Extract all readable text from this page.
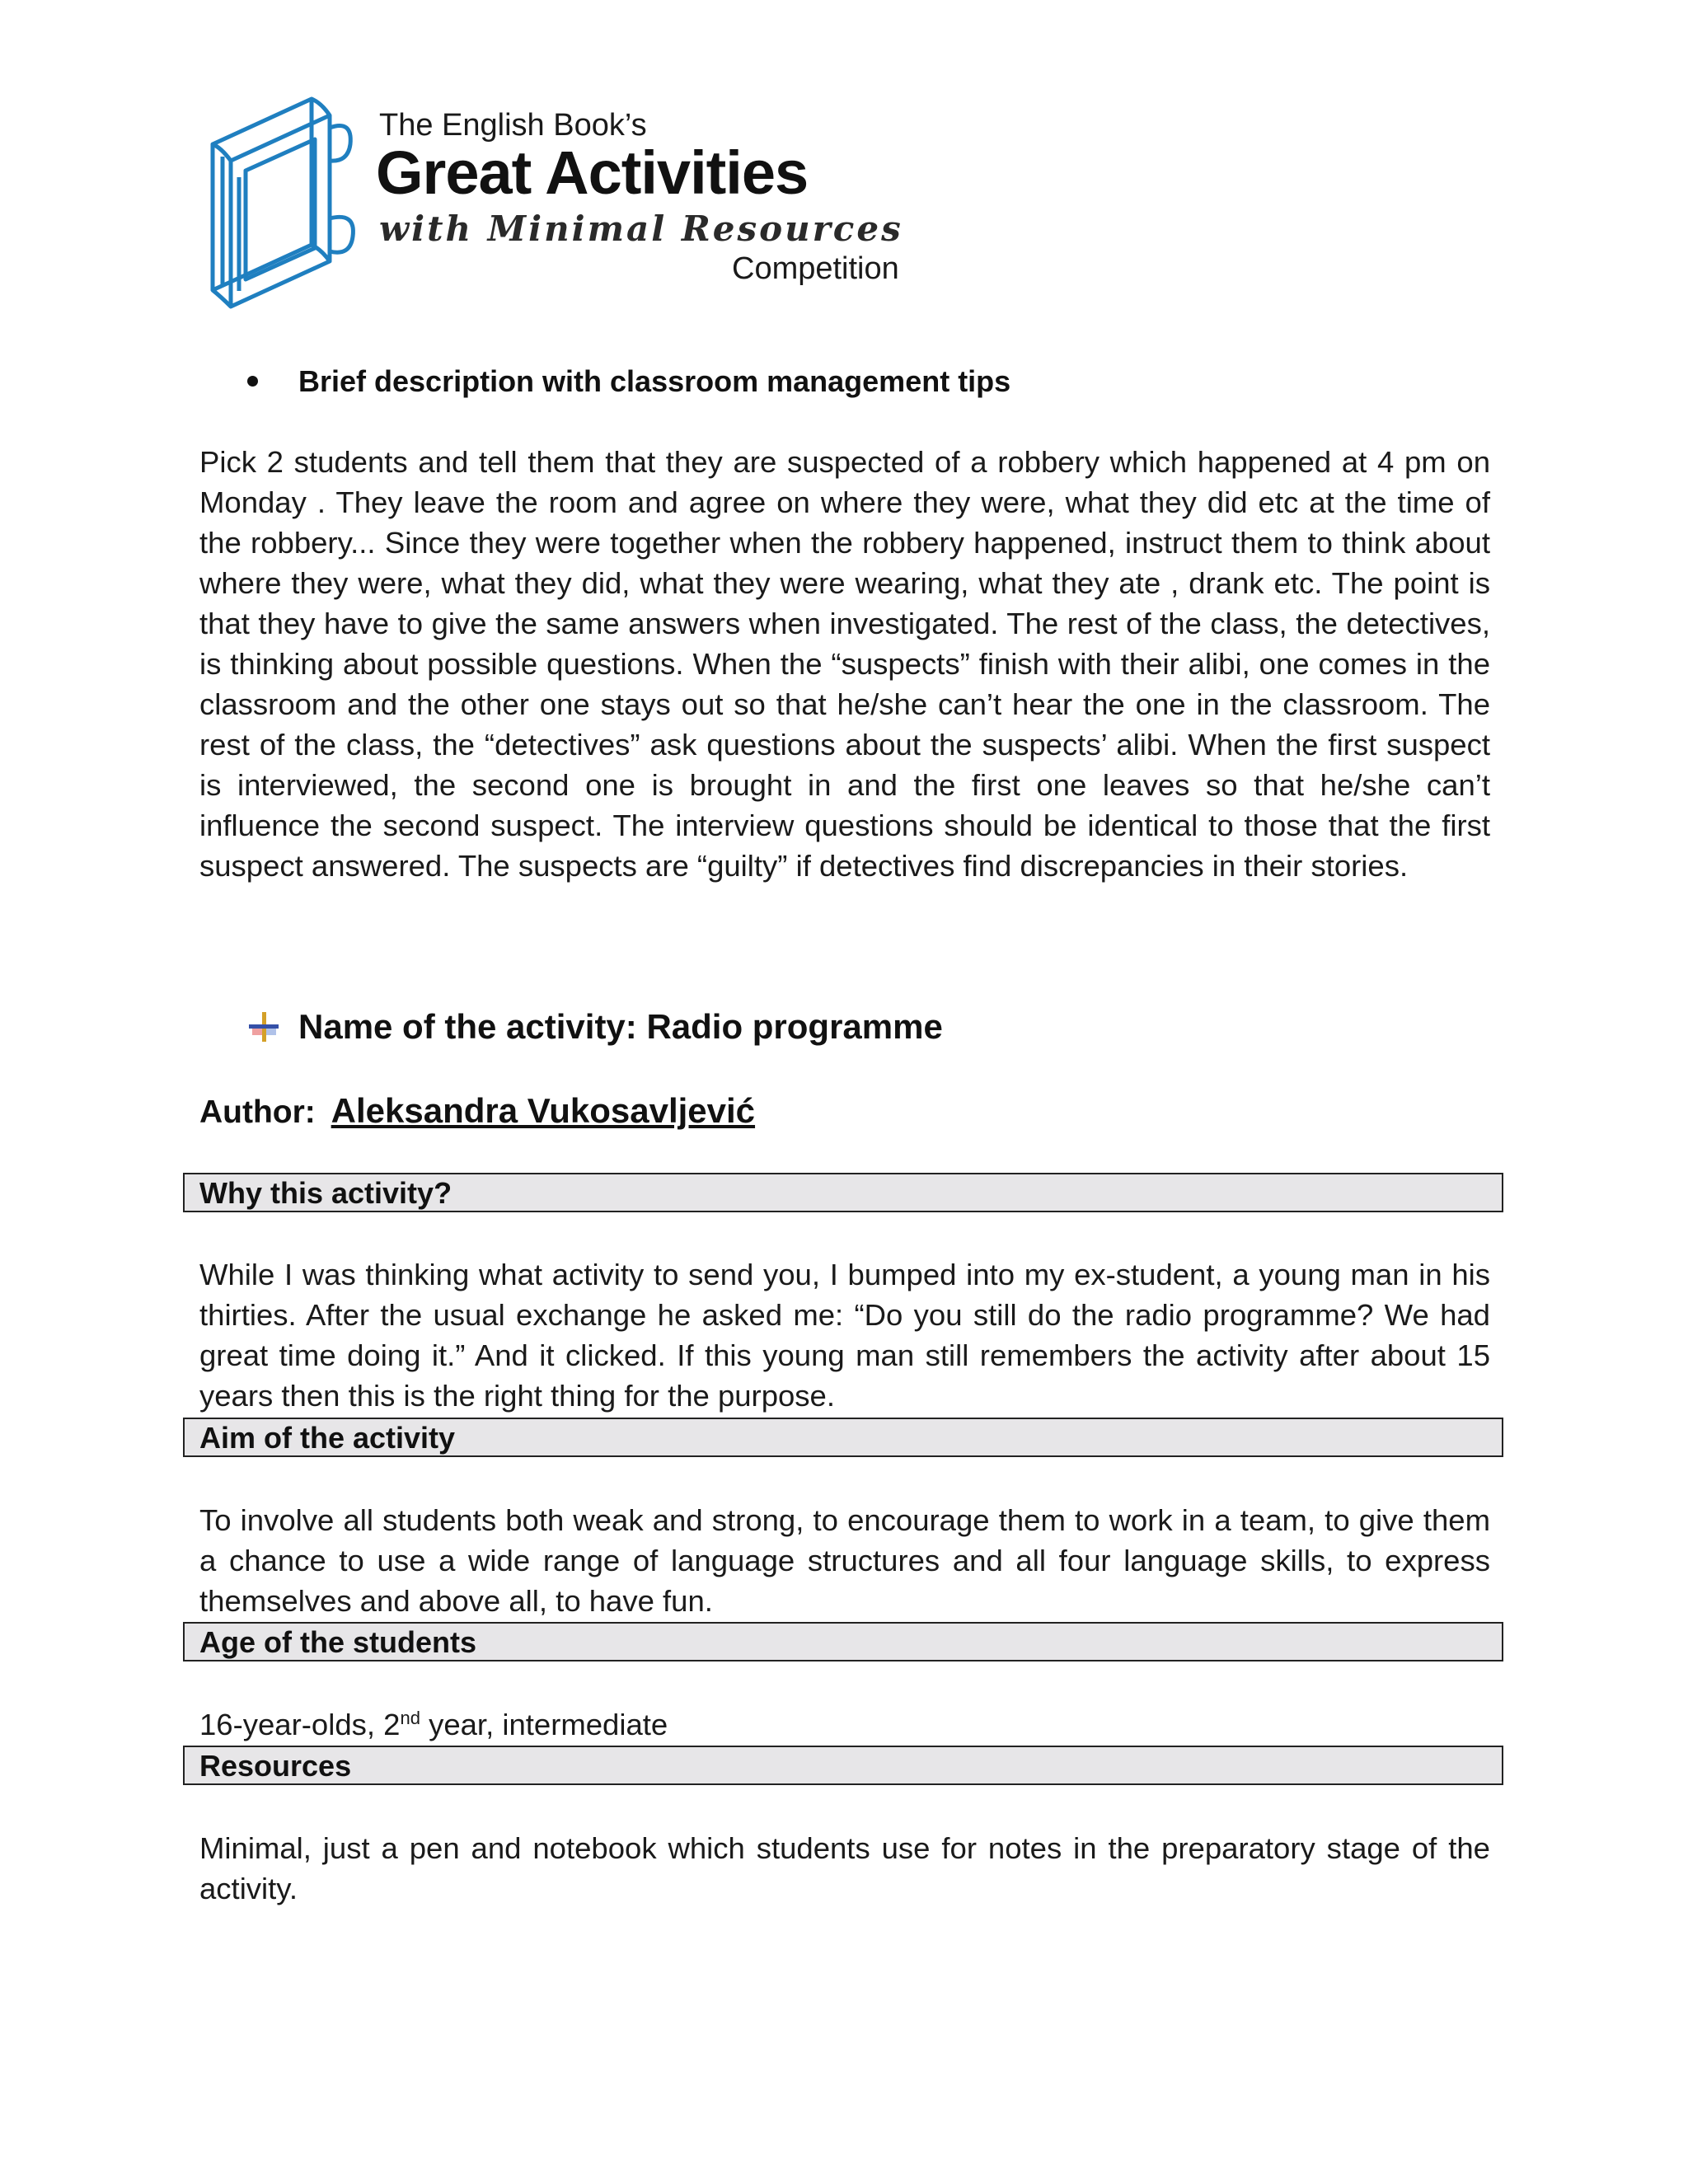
The English Book’s
Great Activities
with Minimal Resources
Competition
Brief description with classroom management tips
Pick 2 students and tell them that they are suspected of a robbery which happened at 4 pm on Monday . They leave the room and agree on where they were, what they did etc at the time of the robbery... Since they were together when the robbery happened, instruct them to think about where they were, what they did, what they were wearing, what they ate , drank etc. The point is that they have to give the same answers when investigated. The rest of the class, the detectives, is thinking about possible questions. When the “suspects” finish with their alibi, one comes in the classroom and the other one stays out so that he/she can’t hear the one in the classroom. The rest of the class, the “detectives” ask questions about the suspects’ alibi. When the first suspect is interviewed, the second one is brought in and the first one leaves so that he/she can’t influence the second suspect. The interview questions should be identical to those that the first suspect answered. The suspects are “guilty” if detectives find discrepancies in their stories.
Name of the activity: Radio programme
Author: Aleksandra Vukosavljević
Why this activity?
While I was thinking what activity to send you, I bumped into my ex-student, a young man in his thirties. After the usual exchange he asked me: “Do you still do the radio programme? We had great time doing it.” And it clicked. If this young man still remembers the activity after about 15 years then this is the right thing for the purpose.
Aim of the activity
To involve all students both weak and strong, to encourage them to work in a team, to give them a chance to use a wide range of language structures and all four language skills, to express themselves and above all, to have fun.
Age of the students
16-year-olds, 2nd year, intermediate
Resources
Minimal, just a pen and notebook which students use for notes in the preparatory stage of the activity.
